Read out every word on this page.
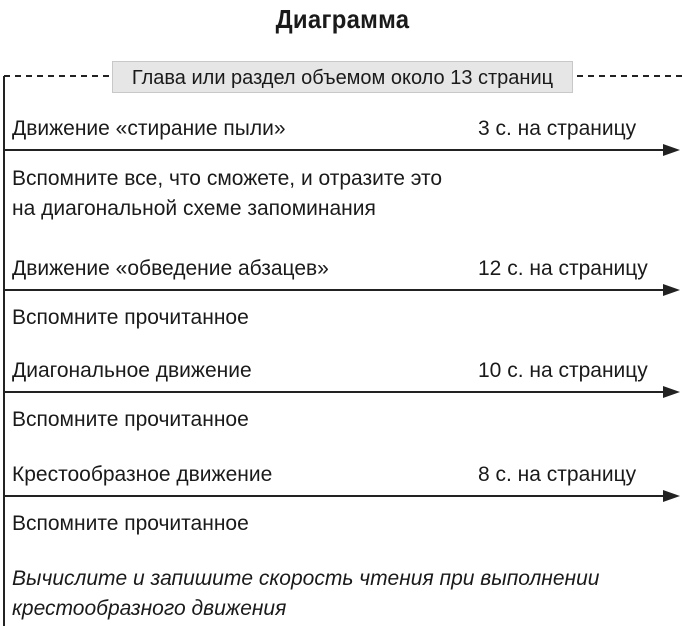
Диаграмма
Глава или раздел объемом около 13 страниц
Движение «стирание пыли»	3 с. на страницу
Вспомните все, что сможете, и отразите это
на диагональной схеме запоминания
Движение «обведение абзацев»	12 с. на страницу
Вспомните прочитанное
Диагональное движение	10 с. на страницу
Вспомните прочитанное
Крестообразное движение	8 с. на страницу
Вспомните прочитанное
Вычислите и запишите скорость чтения при выполнении
крестообразного движения
